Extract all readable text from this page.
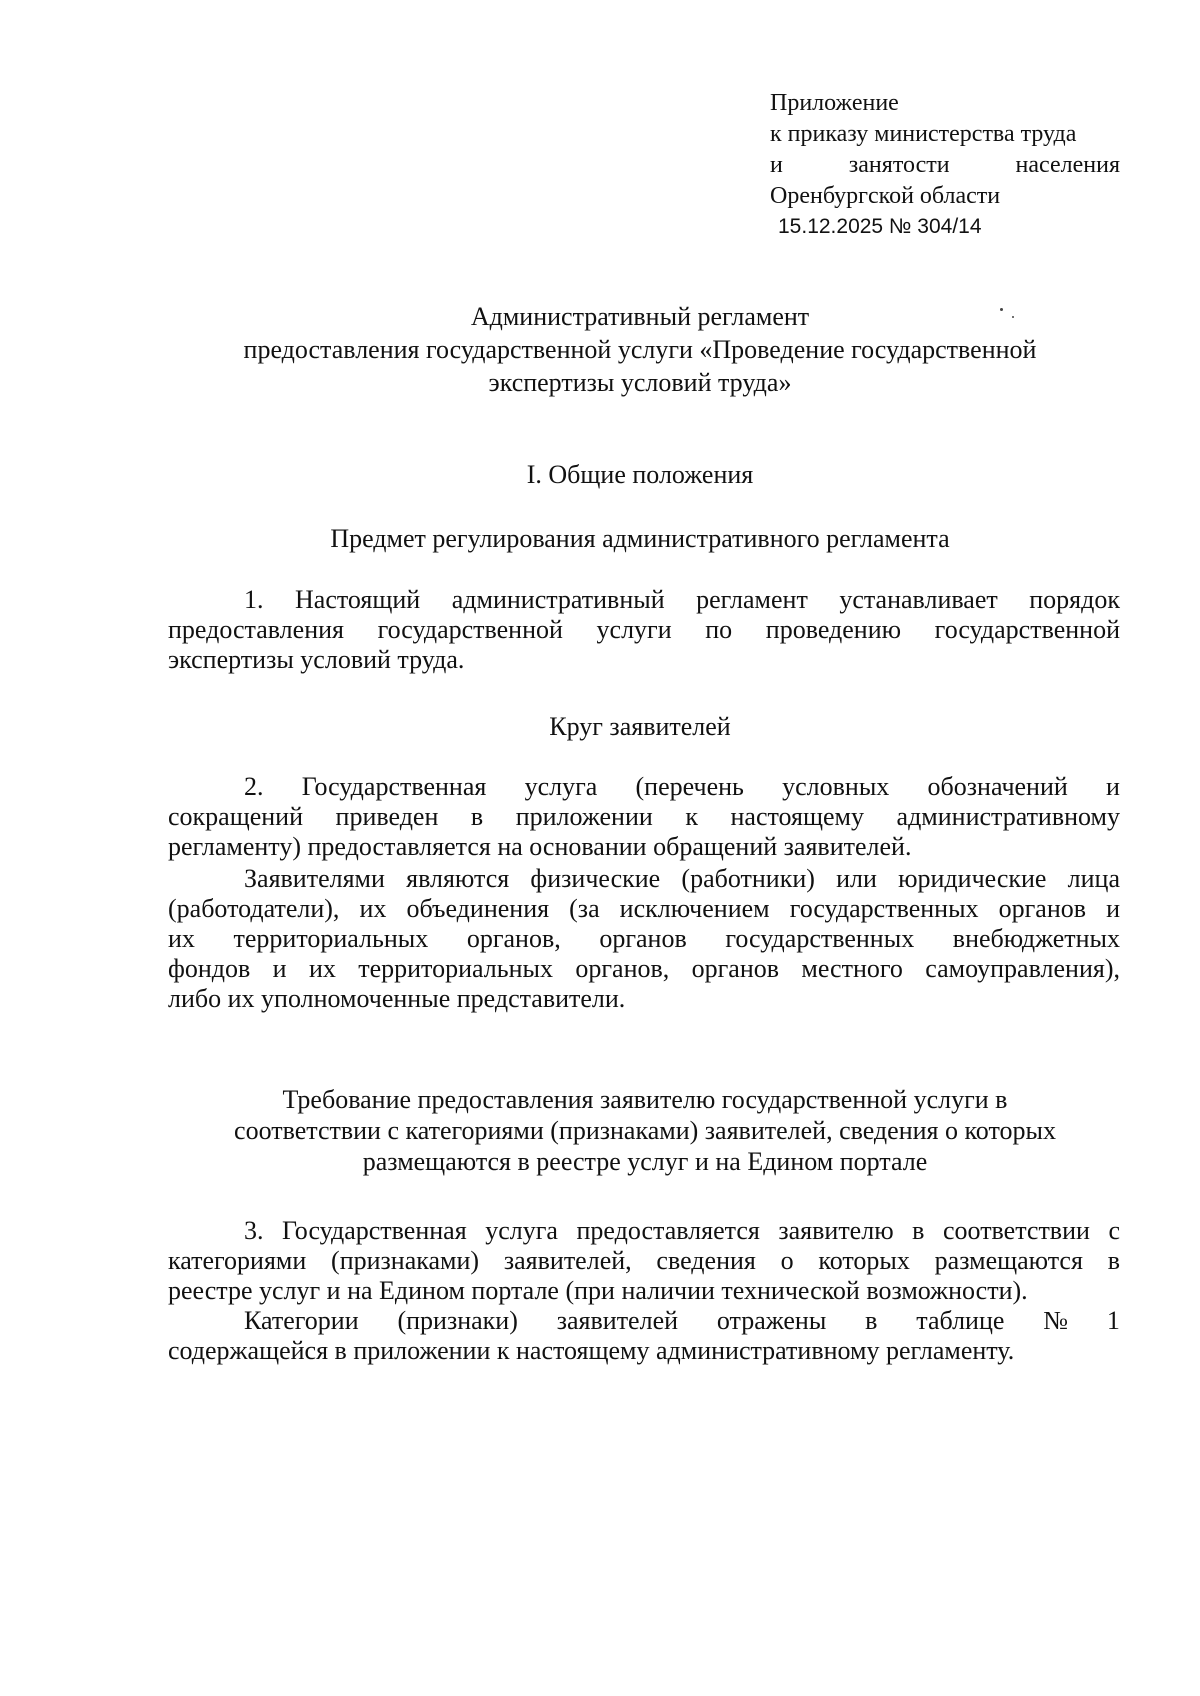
Приложение
к приказу министерства труда
и	занятости	населения
Оренбургской области
15.12.2025 № 304/14
Административный регламент
предоставления государственной услуги «Проведение государственной
экспертизы условий труда»
I. Общие положения
Предмет регулирования административного регламента
1. Настоящий административный регламент устанавливает порядок
предоставления государственной услуги по проведению государственной
экспертизы условий труда.
Круг заявителей
2. Государственная услуга (перечень условных обозначений и
сокращений приведен в приложении к настоящему административному
регламенту) предоставляется на основании обращений заявителей.
Заявителями являются физические (работники) или юридические лица
(работодатели), их объединения (за исключением государственных органов и
их территориальных органов, органов государственных внебюджетных
фондов и их территориальных органов, органов местного самоуправления),
либо их уполномоченные представители.
Требование предоставления заявителю государственной услуги в
соответствии с категориями (признаками) заявителей, сведения о которых
размещаются в реестре услуг и на Едином портале
3. Государственная услуга предоставляется заявителю в соответствии с
категориями (признаками) заявителей, сведения о которых размещаются в
реестре услуг и на Едином портале (при наличии технической возможности).
Категории (признаки) заявителей отражены в таблице № 1
содержащейся в приложении к настоящему административному регламенту.
